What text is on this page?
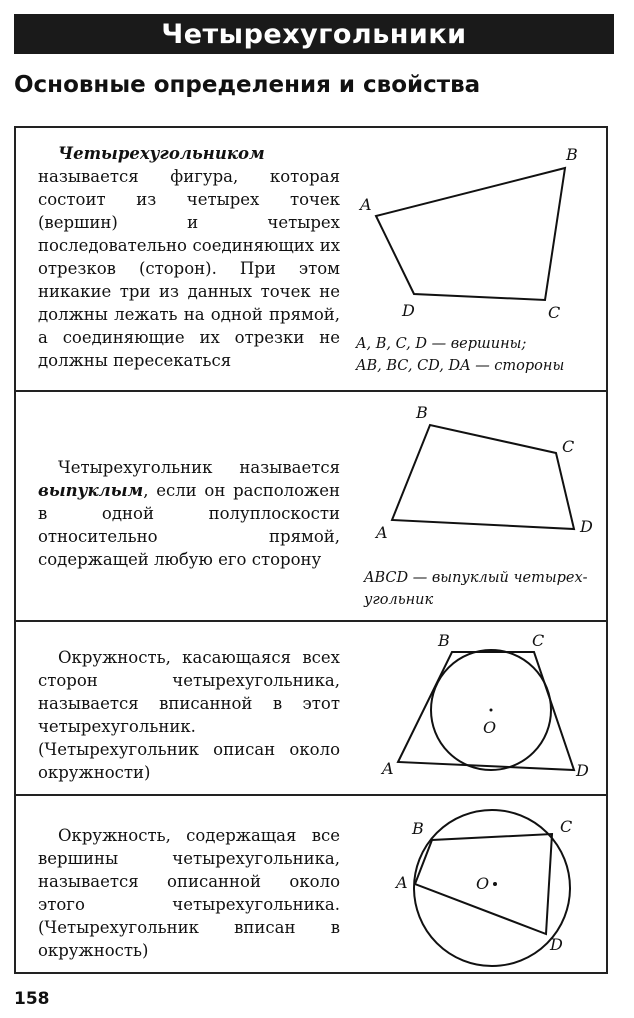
Четырехугольники
Основные определения и свойства
Четырехугольником называется фигура, которая состоит из четырех точек (вершин) и четырех последовательно соединяющих их отрезков (сторон). При этом никакие три из данных точек не должны лежать на одной прямой, а соединяющие их отрезки не должны пересекаться
A
B
C
D
A, B, C, D — вершины;
AB, BC, CD, DA — стороны
Четырехугольник называется выпуклым, если он расположен в одной полуплоскости относительно прямой, содержащей любую его сторону
A
B
C
D
ABCD — выпуклый четырех-
угольник
Окружность, касающаяся всех сторон четырехугольника, называется вписанной в этот четырехугольник. (Четырехугольник описан около окружности)	A
B	C
D
O
Окружность, содержащая все вершины четырехугольника, называется описанной около этого четырехугольника. (Четырехугольник вписан в окружность)
A
B	C
D
O
158
